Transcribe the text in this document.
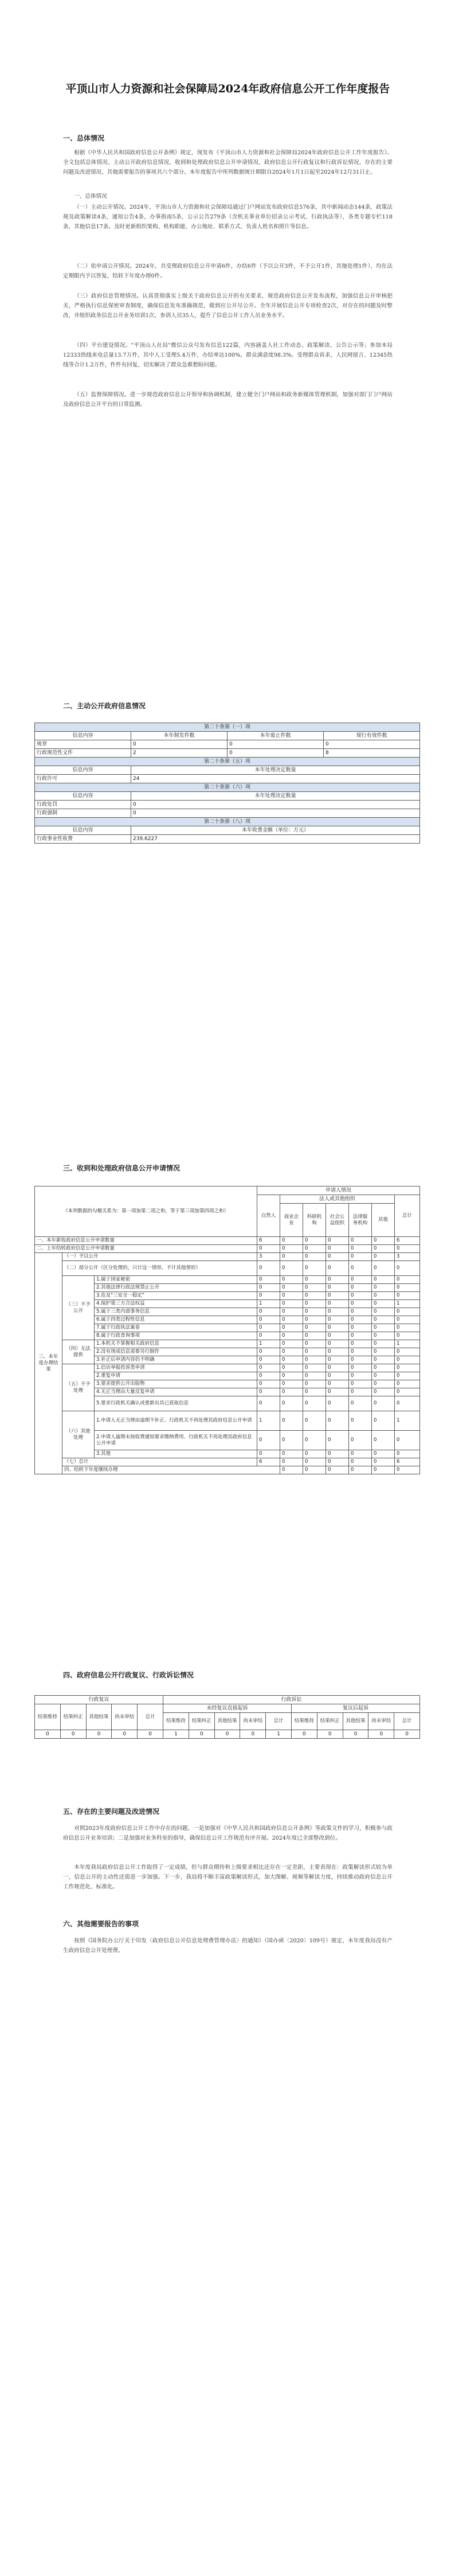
平顶山市人力资源和社会保障局2024年政府信息公开工作年度报告
一、总体情况

根据《中华人民共和国政府信息公开条例》规定，现发布《平顶山市人力资源和社会保障局2024年政府信息公开工作年度报告》。全文包括总体情况、主动公开政府信息情况、收到和处理政府信息公开申请情况、政府信息公开行政复议和行政诉讼情况、存在的主要问题及改进情况、其他需要报告的事项共六个部分。本年度报告中所列数据统计期限自2024年1月1日起至2024年12月31日止。

一、总体情况

（一）主动公开情况。2024年，平顶山市人力资源和社会保障局通过门户网站发布政府信息576条，其中新闻动态144条，政策法规及政策解读4条，通知公告4条，办事指南5条，公示公告279条（含机关事业单位招录公示考试、行政执法等），各类专题专栏118条，其他信息17条。及时更新组织架构、机构职能、办公地址、联系方式、负责人姓名和照片等信息。

（二）依申请公开情况。2024年，共受理政府信息公开申请6件，办结6件（予以公开3件，不予公开1件，其他处理1件），均在法定期限内予以答复，结转下年度办理0件。

（三）政府信息管理情况。认真贯彻落实上级关于政府信息公开的有关要求，规范政府信息公开发布流程，加强信息公开审核把关，严格执行信息保密审查制度，确保信息发布准确规范，做到应公开尽公开。全年开展信息公开专项检查2次，对存在的问题及时整改，并组织政务信息公开业务培训1次，参训人员35人，提升了信息公开工作人员业务水平。

（四）平台建设情况。"平顶山人社局"微信公众号发布信息122篇，内容涵盖人社工作动态、政策解读、公告公示等；参加本局12333热线来电总量13.7万件，其中人工受理5.4万件，办结率达100%，群众满意度98.3%。受理群众诉求、人民网留言、12345热线等合计1.2万件，件件有回复，切实解决了群众急难愁盼问题。

（五）监督保障情况。进一步规范政府信息公开领导和协调机制，建立健全门户网站和政务新媒体管理机制，加强对部门门户网站及政府信息公开平台的日常监测。

二、主动公开政府信息情况
第二十条第（一）项			
信息内容	本年制发件数	本年废止件数	现行有效件数
规章	0	0	0
行政规范性文件	2	0	8
第二十条第（五）项			
信息内容	本年处理决定数量		
行政许可	24		
第二十条第（六）项			
信息内容	本年处理决定数量		
行政处罚	0		
行政强制	0		
第二十条第（八）项			
信息内容	本年收费金额（单位：万元）		
行政事业性收费	239.6227		
三、收到和处理政府信息公开申请情况
（本列数据的勾稽关系为：第一项加第二项之和，等于第三项加第四项之和）			申请人情况							
			自然人	法人或其他组织					总计	
				商业企业	科研机构	社会公益组织	法律服务机构	其他		
一、本年新收政府信息公开申请数量			6	0	0	0	0	0	6	
二、上年结转政府信息公开申请数量			0	0	0	0	0	0	0	
三、本年度办理结果	（一）予以公开		3	0	0	0	0	0	3	
	（二）部分公开（区分处理的，只计这一情形，不计其他情形）		0	0	0	0	0	0	0	
	（三）不予公开	1.属于国家秘密	0	0	0	0	0	0	0	
		2.其他法律行政法规禁止公开	0	0	0	0	0	0	0	
		3.危及"三安全一稳定"	0	0	0	0	0	0	0	
		4.保护第三方合法权益	1	0	0	0	0	0	1	
		5.属于三类内部事务信息	0	0	0	0	0	0	0	
		6.属于四类过程性信息	0	0	0	0	0	0	0	
		7.属于行政执法案卷	0	0	0	0	0	0	0	
		8.属于行政查询事项	0	0	0	0	0	0	0	
	（四）无法提供	1.本机关不掌握相关政府信息	1	0	0	0	0	0	1	
		2.没有现成信息需要另行制作	0	0	0	0	0	0	0	
		3.补正后申请内容仍不明确	0	0	0	0	0	0	0	
	（五）不予处理	1.信访举报投诉类申请	0	0	0	0	0	0	0	
		2.重复申请	0	0	0	0	0	0	0	
		3.要求提供公开出版物	0	0	0	0	0	0	0	
		4.无正当理由大量反复申请	0	0	0	0	0	0	0	
		5.要求行政机关确认或重新出具已获取信息	0	0	0	0	0	0	0	
	（六）其他处理	1.申请人无正当理由逾期不补正、行政机关不再处理其政府信息公开申请	1	0	0	0	0	0	1	
		2.申请人逾期未按收费通知要求缴纳费用、行政机关不再处理其政府信息公开申请	0	0	0	0	0	0	0	
		3.其他	0	0	0	0	0	0	0	
	（七）总计		6	0	0	0	0	0	6	
	四、结转下年度继续办理			0	0	0	0	0	0	
四、政府信息公开行政复议、行政诉讼情况
行政复议					行政诉讼									
结果维持	结果纠正	其他结果	尚未审结	总计	未经复议直接起诉					复议后起诉				
					结果维持	结果纠正	其他结果	尚未审结	总计	结果维持	结果纠正	其他结果	尚未审结	总计
0	0	0	0	0	1	0	0	0	1	0	0	0	0	0
五、存在的主要问题及改进情况

对照2023年度政府信息公开工作中存在的问题，一是加强对《中华人民共和国政府信息公开条例》等政策文件的学习，积极参与政府信息公开业务培训；二是加强对业务科室的指导，确保信息公开工作规范有序开展。2024年度已全部整改到位。

本年度我局政府信息公开工作取得了一定成绩，但与群众期待和上级要求相比还存在一定差距，主要表现在：政策解读形式较为单一，信息公开的主动性还需进一步加强。下一步，我局将不断丰富政策解读形式，加大图解、视频等解读力度，持续推动政府信息公开工作规范化、标准化。

六、其他需要报告的事项

按照《国务院办公厅关于印发〈政府信息公开信息处理费管理办法〉的通知》（国办函〔2020〕109号）规定，本年度我局没有产生政府信息公开处理费。
